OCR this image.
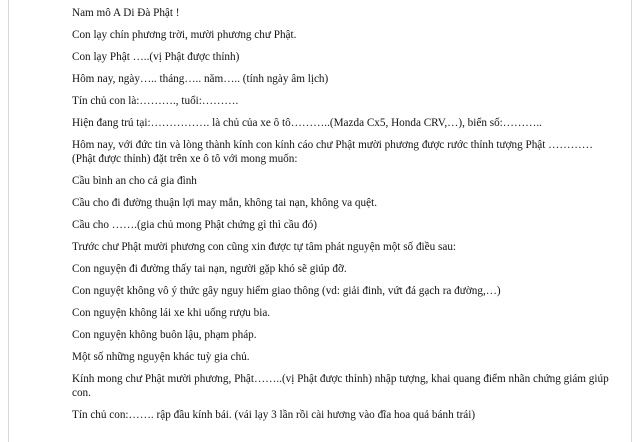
Nam mô A Di Đà Phật !

Con lạy chín phương trời, mười phương chư Phật.

Con lạy Phật …..(vị Phật được thỉnh)

Hôm nay, ngày….. tháng….. năm….. (tính ngày âm lịch)

Tín chủ con là:………., tuổi:……….

Hiện đang trú tại:……………. là chủ của xe ô tô………..(Mazda Cx5, Honda CRV,…), biển số:………..

Hôm nay, với đức tin và lòng thành kính con kính cáo chư Phật mười phương được rước thỉnh tượng Phật …………(Phật được thỉnh) đặt trên xe ô tô với mong muốn:

Cầu bình an cho cả gia đình

Cầu cho đi đường thuận lợi may mắn, không tai nạn, không va quệt.

Cầu cho …….(gia chủ mong Phật chứng gì thì cầu đó)

Trước chư Phật mười phương con cũng xin được tự tâm phát nguyện một số điều sau:

Con nguyện đi đường thấy tai nạn, người gặp khó sẽ giúp đỡ.

Con nguyệt không vô ý thức gây nguy hiểm giao thông (vd: giải đinh, vứt đá gạch ra đường,…)

Con nguyện không lái xe khi uống rượu bia.

Con nguyện không buôn lậu, phạm pháp.

Một số những nguyện khác tuỳ gia chủ.

Kính mong chư Phật mười phương, Phật……..(vị Phật được thỉnh) nhập tượng, khai quang điểm nhãn chứng giám giúp con.

Tín chủ con:……. rập đầu kính bái. (vái lạy 3 lần rồi cài hương vào đĩa hoa quả bánh trái)
